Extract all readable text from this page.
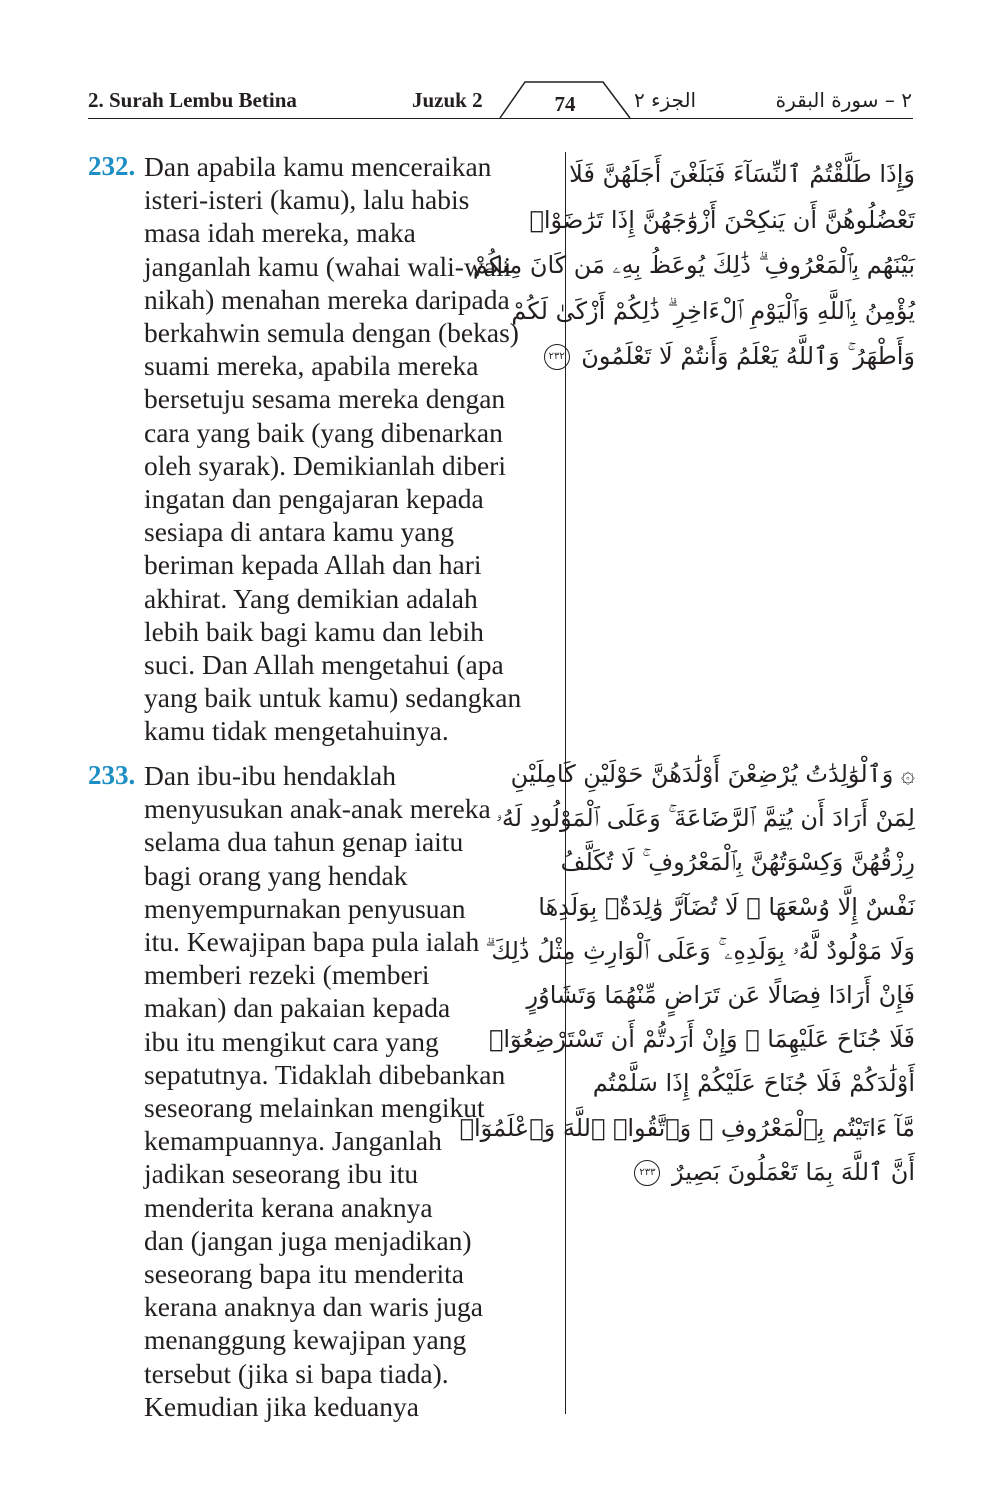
2. Surah Lembu Betina	Juzuk 2	الجزء ٢	٢ – سورة البقرة
74
232. Dan apabila kamu menceraikan
isteri-isteri (kamu), lalu habis
masa idah mereka, maka
janganlah kamu (wahai wali-wali
nikah) menahan mereka daripada
berkahwin semula dengan (bekas)
suami mereka, apabila mereka
bersetuju sesama mereka dengan
cara yang baik (yang dibenarkan
oleh syarak). Demikianlah diberi
ingatan dan pengajaran kepada
sesiapa di antara kamu yang
beriman kepada Allah dan hari
akhirat. Yang demikian adalah
lebih baik bagi kamu dan lebih
suci. Dan Allah mengetahui (apa
yang baik untuk kamu) sedangkan
kamu tidak mengetahuinya.
وَإِذَا طَلَّقْتُمُ ٱلنِّسَآءَ فَبَلَغْنَ أَجَلَهُنَّ فَلَا
تَعْضُلُوهُنَّ أَن يَنكِحْنَ أَزْوَٰجَهُنَّ إِذَا تَرَٰضَوْا۟
بَيْنَهُم بِٱلْمَعْرُوفِ ۗ ذَٰلِكَ يُوعَظُ بِهِۦ مَن كَانَ مِنكُمْ
يُؤْمِنُ بِٱللَّهِ وَٱلْيَوْمِ ٱلْءَاخِرِ ۗ ذَٰلِكُمْ أَزْكَىٰ لَكُمْ
وَأَطْهَرُ ۚ وَٱللَّهُ يَعْلَمُ وَأَنتُمْ لَا تَعْلَمُونَ ٢٣٢
233. Dan ibu-ibu hendaklah
menyusukan anak-anak mereka
selama dua tahun genap iaitu
bagi orang yang hendak
menyempurnakan penyusuan
itu. Kewajipan bapa pula ialah
memberi rezeki (memberi
makan) dan pakaian kepada
ibu itu mengikut cara yang
sepatutnya. Tidaklah dibebankan
seseorang melainkan mengikut
kemampuannya. Janganlah
jadikan seseorang ibu itu
menderita kerana anaknya
dan (jangan juga menjadikan)
seseorang bapa itu menderita
kerana anaknya dan waris juga
menanggung kewajipan yang
tersebut (jika si bapa tiada).
Kemudian jika keduanya
۞ وَٱلْوَٰلِدَٰتُ يُرْضِعْنَ أَوْلَٰدَهُنَّ حَوْلَيْنِ كَامِلَيْنِ
لِمَنْ أَرَادَ أَن يُتِمَّ ٱلرَّضَاعَةَ ۚ وَعَلَى ٱلْمَوْلُودِ لَهُۥ
رِزْقُهُنَّ وَكِسْوَتُهُنَّ بِٱلْمَعْرُوفِ ۚ لَا تُكَلَّفُ
نَفْسٌ إِلَّا وُسْعَهَا ۚ لَا تُضَآرَّ وَٰلِدَةٌۢ بِوَلَدِهَا
وَلَا مَوْلُودٌ لَّهُۥ بِوَلَدِهِۦ ۚ وَعَلَى ٱلْوَارِثِ مِثْلُ ذَٰلِكَ ۗ
فَإِنْ أَرَادَا فِصَالًا عَن تَرَاضٍ مِّنْهُمَا وَتَشَاوُرٍ
فَلَا جُنَاحَ عَلَيْهِمَا ۗ وَإِنْ أَرَدتُّمْ أَن تَسْتَرْضِعُوٓا۟
أَوْلَٰدَكُمْ فَلَا جُنَاحَ عَلَيْكُمْ إِذَا سَلَّمْتُم
مَّآ ءَاتَيْتُم بِٱلْمَعْرُوفِ ۗ وَٱتَّقُوا۟ ٱللَّهَ وَٱعْلَمُوٓا۟
أَنَّ ٱللَّهَ بِمَا تَعْمَلُونَ بَصِيرٌ ٢٣٣
